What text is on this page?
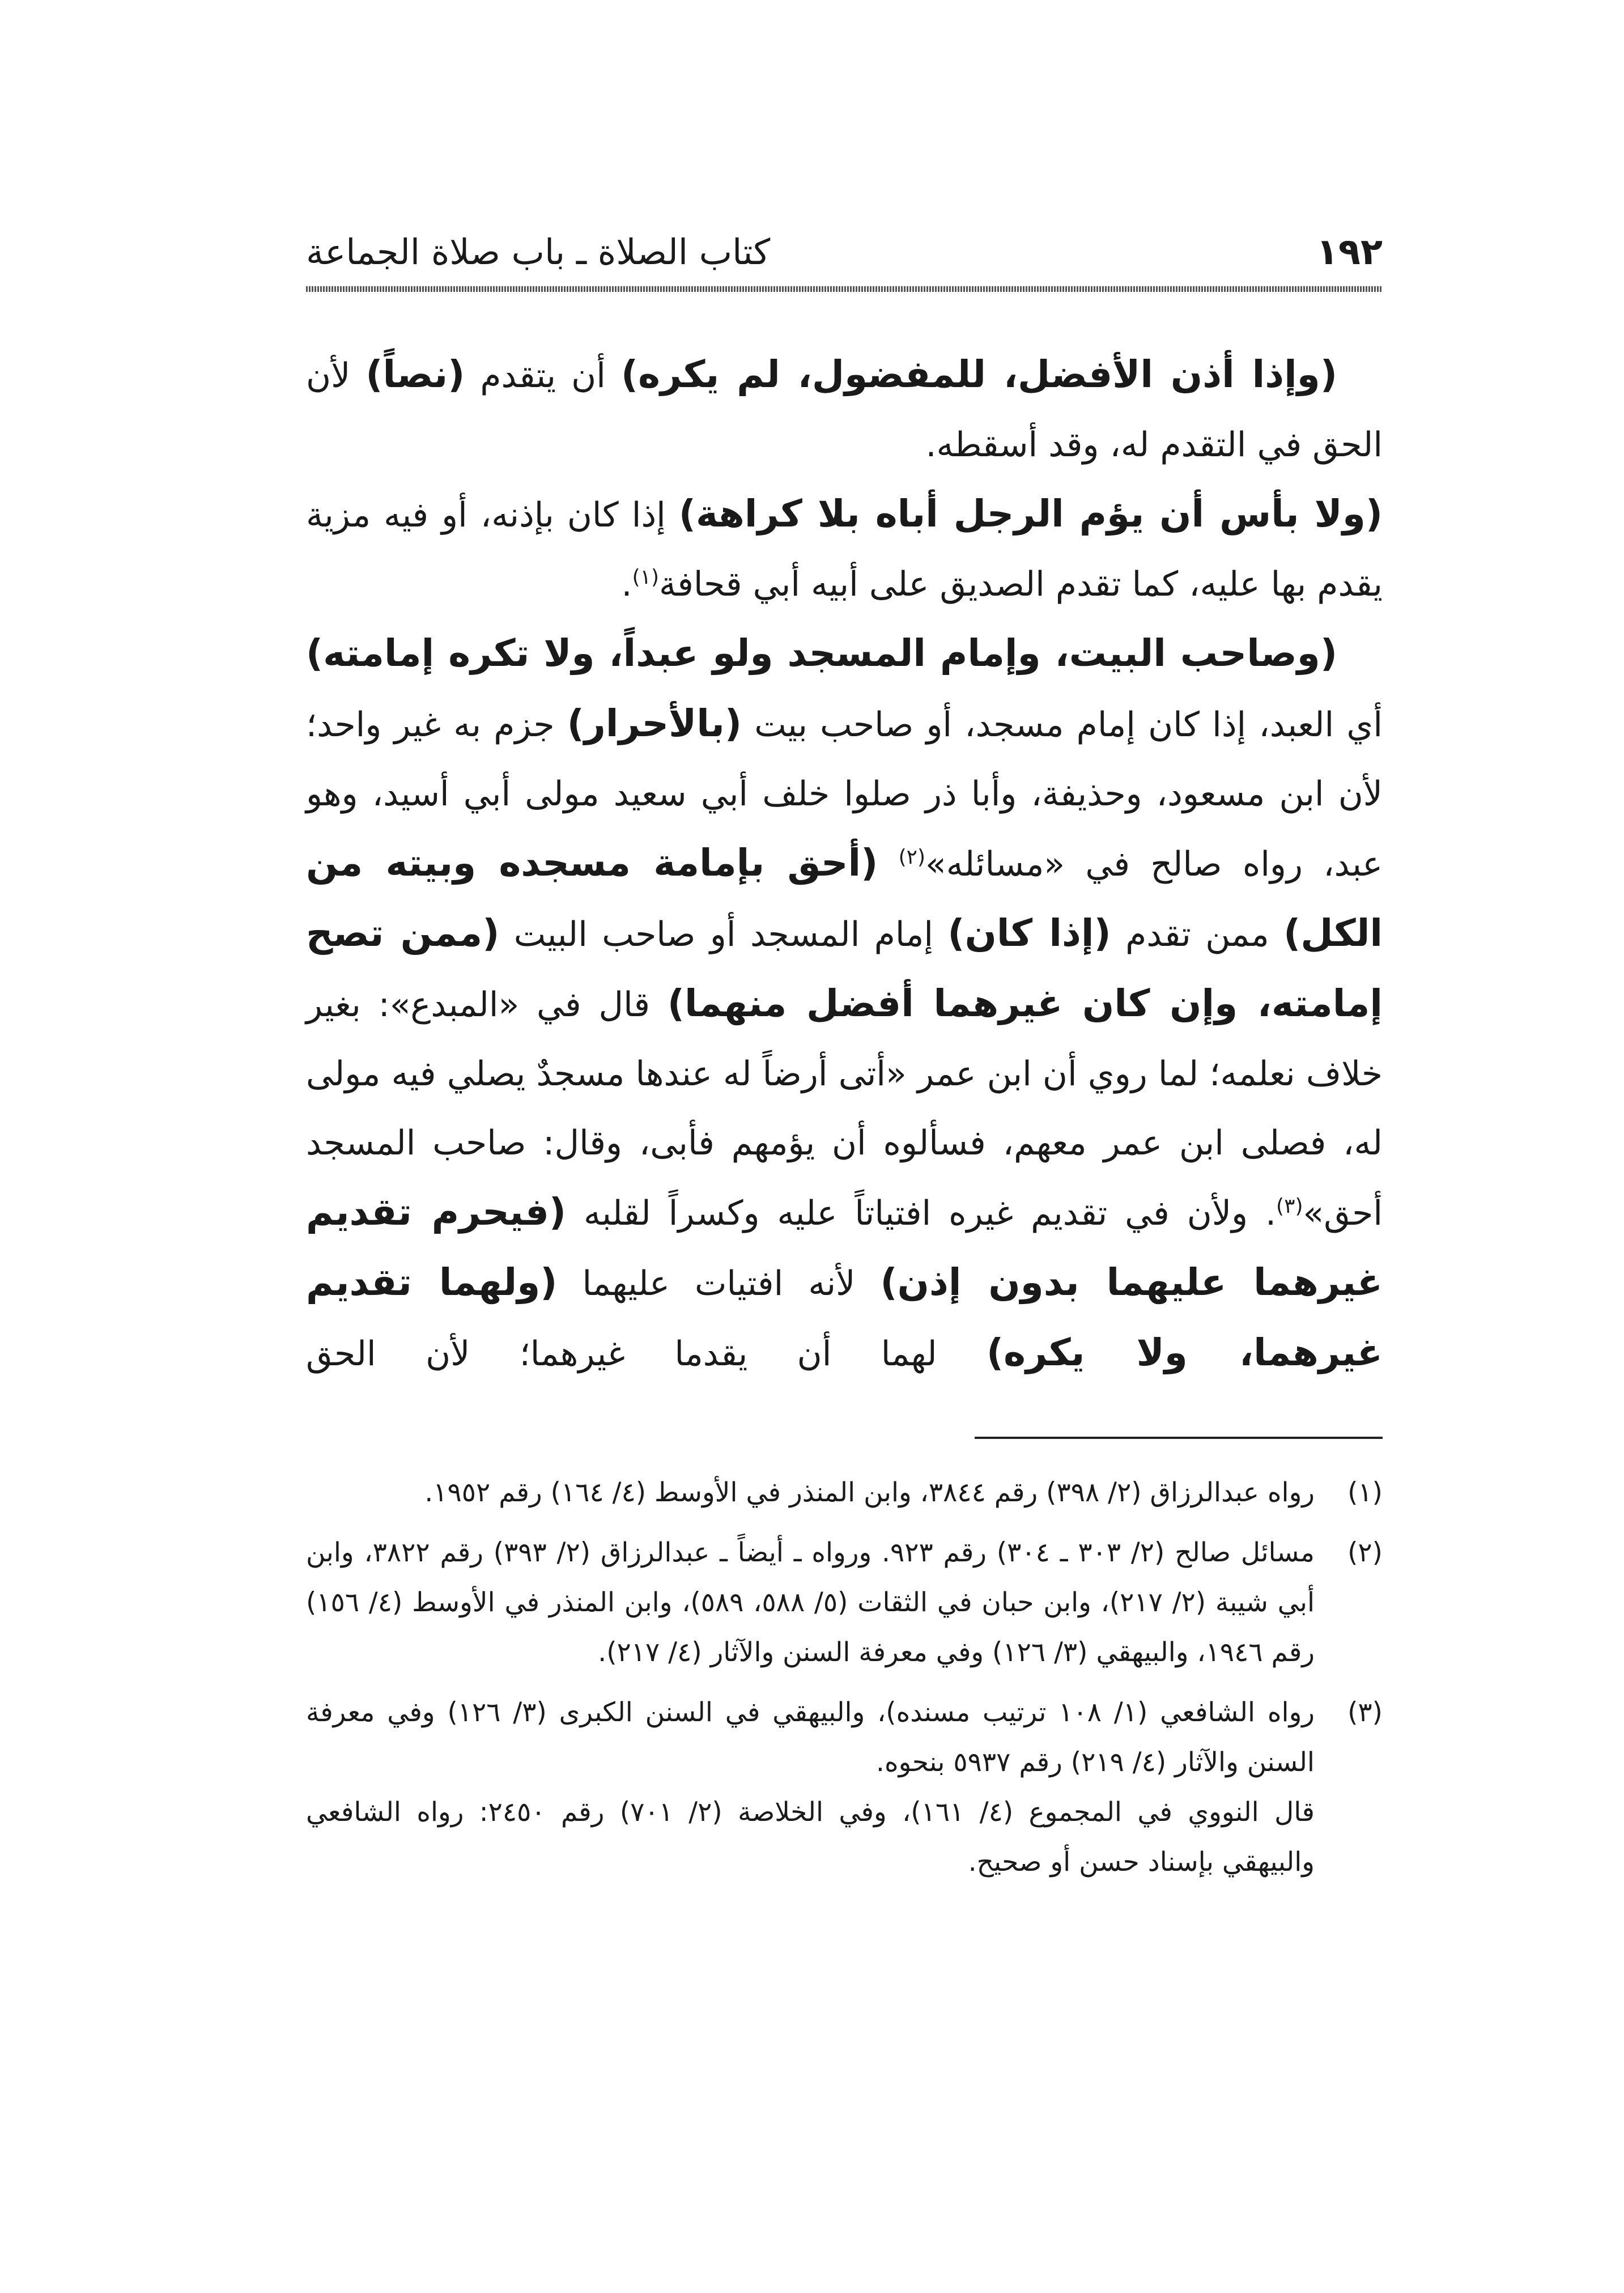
١٩٢
كتاب الصلاة ـ باب صلاة الجماعة

(وإذا أذن الأفضل، للمفضول، لم يكره) أن يتقدم (نصاً) لأن الحق في التقدم له، وقد أسقطه.

(ولا بأس أن يؤم الرجل أباه بلا كراهة) إذا كان بإذنه، أو فيه مزية يقدم بها عليه، كما تقدم الصديق على أبيه أبي قحافة$^{(١)}$.

(وصاحب البيت، وإمام المسجد ولو عبداً، ولا تكره إمامته) أي العبد، إذا كان إمام مسجد، أو صاحب بيت (بالأحرار) جزم به غير واحد؛ لأن ابن مسعود، وحذيفة، وأبا ذر صلوا خلف أبي سعيد مولى أبي أسيد، وهو عبد، رواه صالح في «مسائله»$^{(٢)}$ (أحق بإمامة مسجده وبيته من الكل) ممن تقدم (إذا كان) إمام المسجد أو صاحب البيت (ممن تصح إمامته، وإن كان غيرهما أفضل منهما) قال في «المبدع»: بغير خلاف نعلمه؛ لما روي أن ابن عمر «أتى أرضاً له عندها مسجدٌ يصلي فيه مولى له، فصلى ابن عمر معهم، فسألوه أن يؤمهم فأبى، وقال: صاحب المسجد أحق»$^{(٣)}$. ولأن في تقديم غيره افتياتاً عليه وكسراً لقلبه (فيحرم تقديم غيرهما عليهما بدون إذن) لأنه افتيات عليهما (ولهما تقديم غيرهما، ولا يكره) لهما أن يقدما غيرهما؛ لأن الحق

(١)
رواه عبدالرزاق (٢/ ٣٩٨) رقم ٣٨٤٤، وابن المنذر في الأوسط (٤/ ١٦٤) رقم ١٩٥٢.
(٢)
مسائل صالح (٢/ ٣٠٣ ـ ٣٠٤) رقم ٩٢٣. ورواه ـ أيضاً ـ عبدالرزاق (٢/ ٣٩٣) رقم ٣٨٢٢، وابن أبي شيبة (٢/ ٢١٧)، وابن حبان في الثقات (٥/ ٥٨٨، ٥٨٩)، وابن المنذر في الأوسط (٤/ ١٥٦) رقم ١٩٤٦، والبيهقي (٣/ ١٢٦) وفي معرفة السنن والآثار (٤/ ٢١٧).
(٣)
رواه الشافعي (١/ ١٠٨ ترتيب مسنده)، والبيهقي في السنن الكبرى (٣/ ١٢٦) وفي معرفة السنن والآثار (٤/ ٢١٩) رقم ٥٩٣٧ بنحوه.
قال النووي في المجموع (٤/ ١٦١)، وفي الخلاصة (٢/ ٧٠١) رقم ٢٤٥٠: رواه الشافعي والبيهقي بإسناد حسن أو صحيح.
